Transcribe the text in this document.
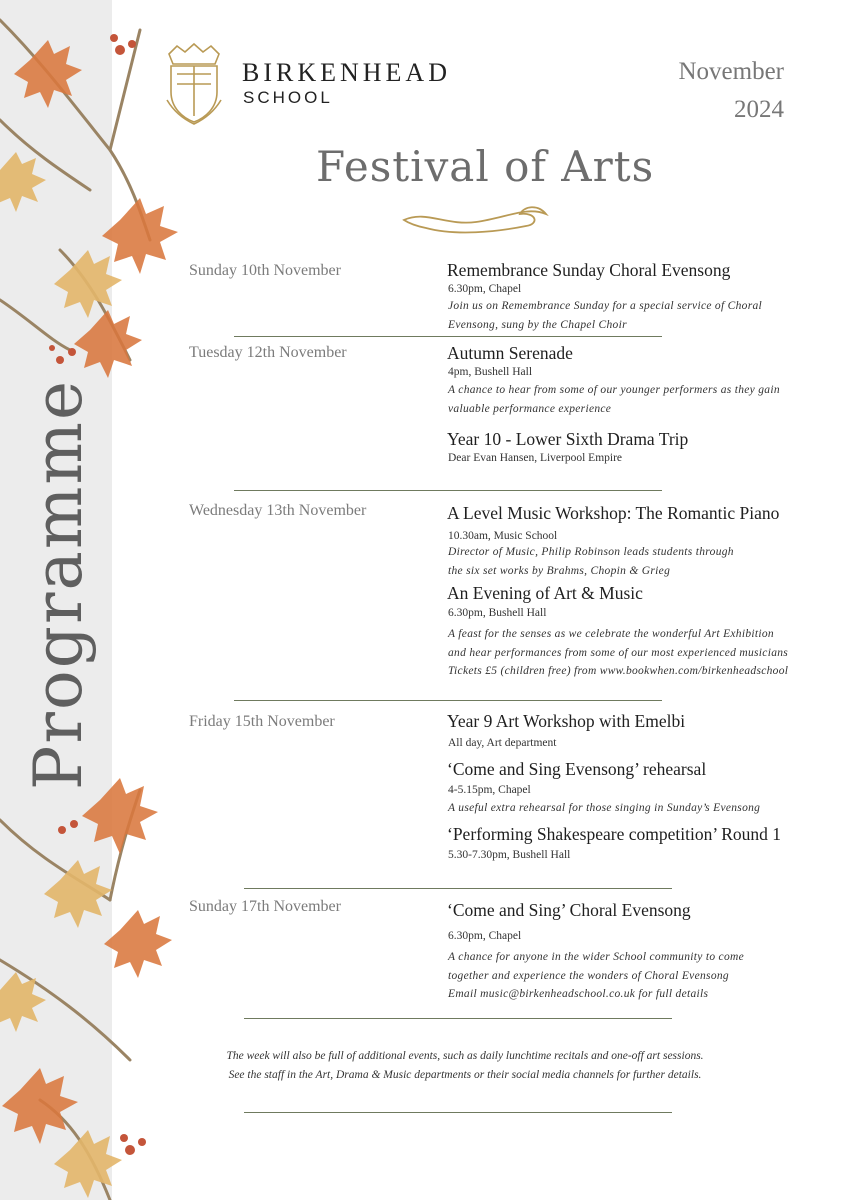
Programme
BIRKENHEAD
SCHOOL
November
2024
Festival of Arts
Sunday 10th November	Remembrance Sunday Choral Evensong
6.30pm, Chapel
Join us on Remembrance Sunday for a special service of Choral
Evensong, sung by the Chapel Choir
Tuesday 12th November	Autumn Serenade
4pm, Bushell Hall
A chance to hear from some of our younger performers as they gain
valuable performance experience
Year 10 - Lower Sixth Drama Trip
Dear Evan Hansen, Liverpool Empire
Wednesday 13th November	A Level Music Workshop: The Romantic Piano
10.30am, Music School
Director of Music, Philip Robinson leads students through
the six set works by Brahms, Chopin & Grieg
An Evening of Art & Music
6.30pm, Bushell Hall
A feast for the senses as we celebrate the wonderful Art Exhibition
and hear performances from some of our most experienced musicians
Tickets £5 (children free) from www.bookwhen.com/birkenheadschool
Friday 15th November	Year 9 Art Workshop with Emelbi
All day, Art department
‘Come and Sing Evensong’ rehearsal
4-5.15pm, Chapel
A useful extra rehearsal for those singing in Sunday’s Evensong
‘Performing Shakespeare competition’ Round 1
5.30-7.30pm, Bushell Hall
Sunday 17th November	‘Come and Sing’ Choral Evensong
6.30pm, Chapel
A chance for anyone in the wider School community to come
together and experience the wonders of Choral Evensong
Email music@birkenheadschool.co.uk for full details
The week will also be full of additional events, such as daily lunchtime recitals and one-off art sessions.
See the staff in the Art, Drama & Music departments or their social media channels for further details.
